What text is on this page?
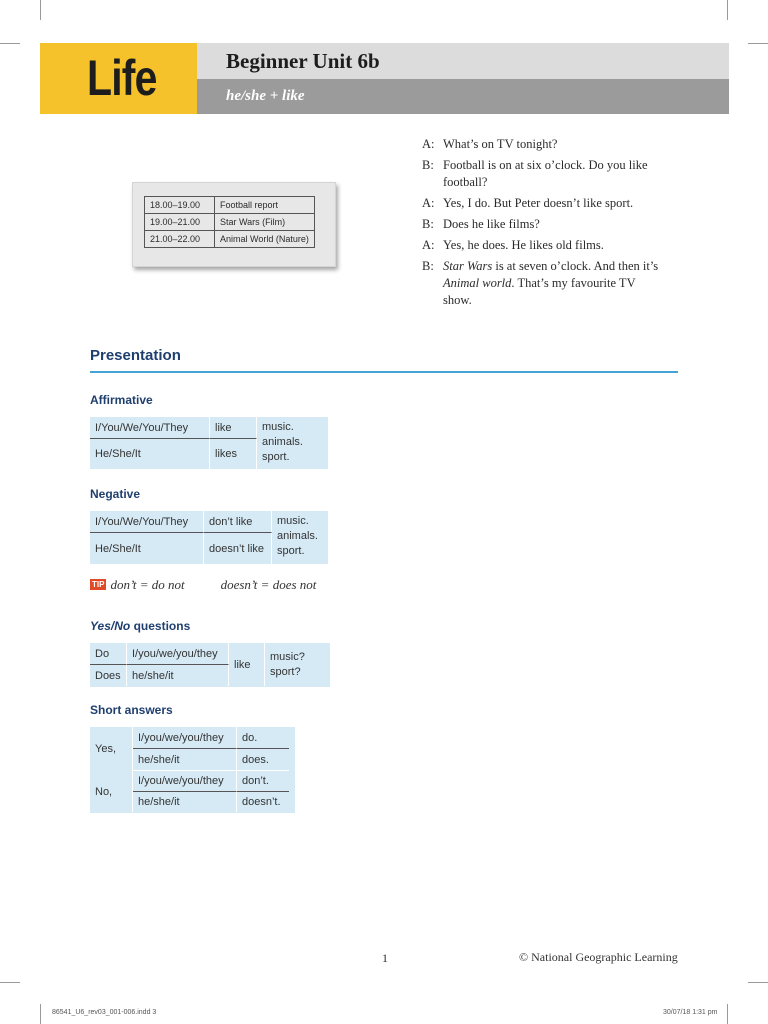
Life	Beginner Unit 6b
he/she + like
18.00–19.00	Football report
19.00–21.00	Star Wars (Film)
21.00–22.00	Animal World (Nature)
A: What’s on TV tonight?
B: Football is on at six o’clock. Do you like football?
A: Yes, I do. But Peter doesn’t like sport.
B: Does he like films?
A: Yes, he does. He likes old films.
B: Star Wars is at seven o’clock. And then it’s Animal world. That’s my favourite TV show.
Presentation
Affirmative
I/You/We/You/They	like	music.
animals.
sport.

He/She/It	likes	
Negative
I/You/We/You/They	don’t like	music.
animals.
sport.

He/She/It	doesn’t like	
TIP don’t = do not	doesn’t = does not
Yes/No questions
Do	I/you/we/you/they	like	music?
sport?

Does	he/she/it		
Short answers
Yes,	I/you/we/you/they	do.
	he/she/it	does.
No,	I/you/we/you/they	don’t.
	he/she/it	doesn’t.
1	© National Geographic Learning
86541_U6_rev03_001-006.indd 3	30/07/18 1:31 pm
